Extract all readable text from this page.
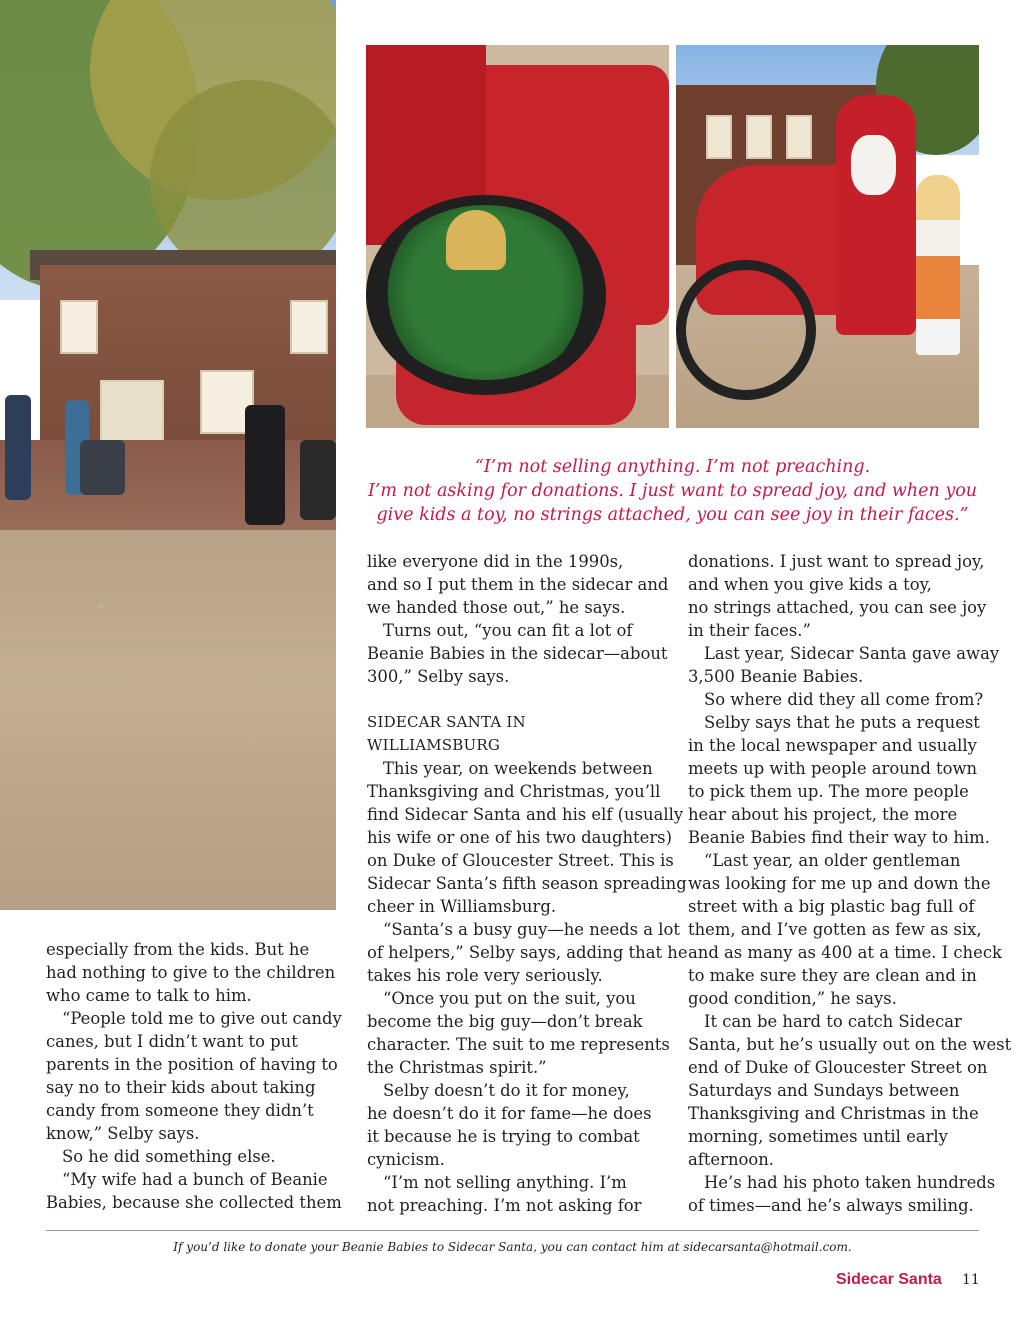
“I’m not selling anything. I’m not preaching.
I’m not asking for donations. I just want to spread joy, and when you
give kids a toy, no strings attached, you can see joy in their faces.”

especially from the kids. But he

had nothing to give to the children

who came to talk to him.

“People told me to give out candy

canes, but I didn’t want to put

parents in the position of having to

say no to their kids about taking

candy from someone they didn’t

know,” Selby says.

So he did something else.

“My wife had a bunch of Beanie

Babies, because she collected them

like everyone did in the 1990s,

and so I put them in the sidecar and

we handed those out,” he says.

Turns out, “you can fit a lot of

Beanie Babies in the sidecar—about

300,” Selby says.

SIDECAR SANTA IN

WILLIAMSBURG

This year, on weekends between

Thanksgiving and Christmas, you’ll

find Sidecar Santa and his elf (usually

his wife or one of his two daughters)

on Duke of Gloucester Street. This is

Sidecar Santa’s fifth season spreading

cheer in Williamsburg.

“Santa’s a busy guy—he needs a lot

of helpers,” Selby says, adding that he

takes his role very seriously.

“Once you put on the suit, you

become the big guy—don’t break

character. The suit to me represents

the Christmas spirit.”

Selby doesn’t do it for money,

he doesn’t do it for fame—he does

it because he is trying to combat

cynicism.

“I’m not selling anything. I’m

not preaching. I’m not asking for

donations. I just want to spread joy,

and when you give kids a toy,

no strings attached, you can see joy

in their faces.”

Last year, Sidecar Santa gave away

3,500 Beanie Babies.

So where did they all come from?

Selby says that he puts a request

in the local newspaper and usually

meets up with people around town

to pick them up. The more people

hear about his project, the more

Beanie Babies find their way to him.

“Last year, an older gentleman

was looking for me up and down the

street with a big plastic bag full of

them, and I’ve gotten as few as six,

and as many as 400 at a time. I check

to make sure they are clean and in

good condition,” he says.

It can be hard to catch Sidecar

Santa, but he’s usually out on the west

end of Duke of Gloucester Street on

Saturdays and Sundays between

Thanksgiving and Christmas in the

morning, sometimes until early

afternoon.

He’s had his photo taken hundreds

of times—and he’s always smiling.

If you’d like to donate your Beanie Babies to Sidecar Santa, you can contact him at sidecarsanta@hotmail.com.
Sidecar Santa 11
